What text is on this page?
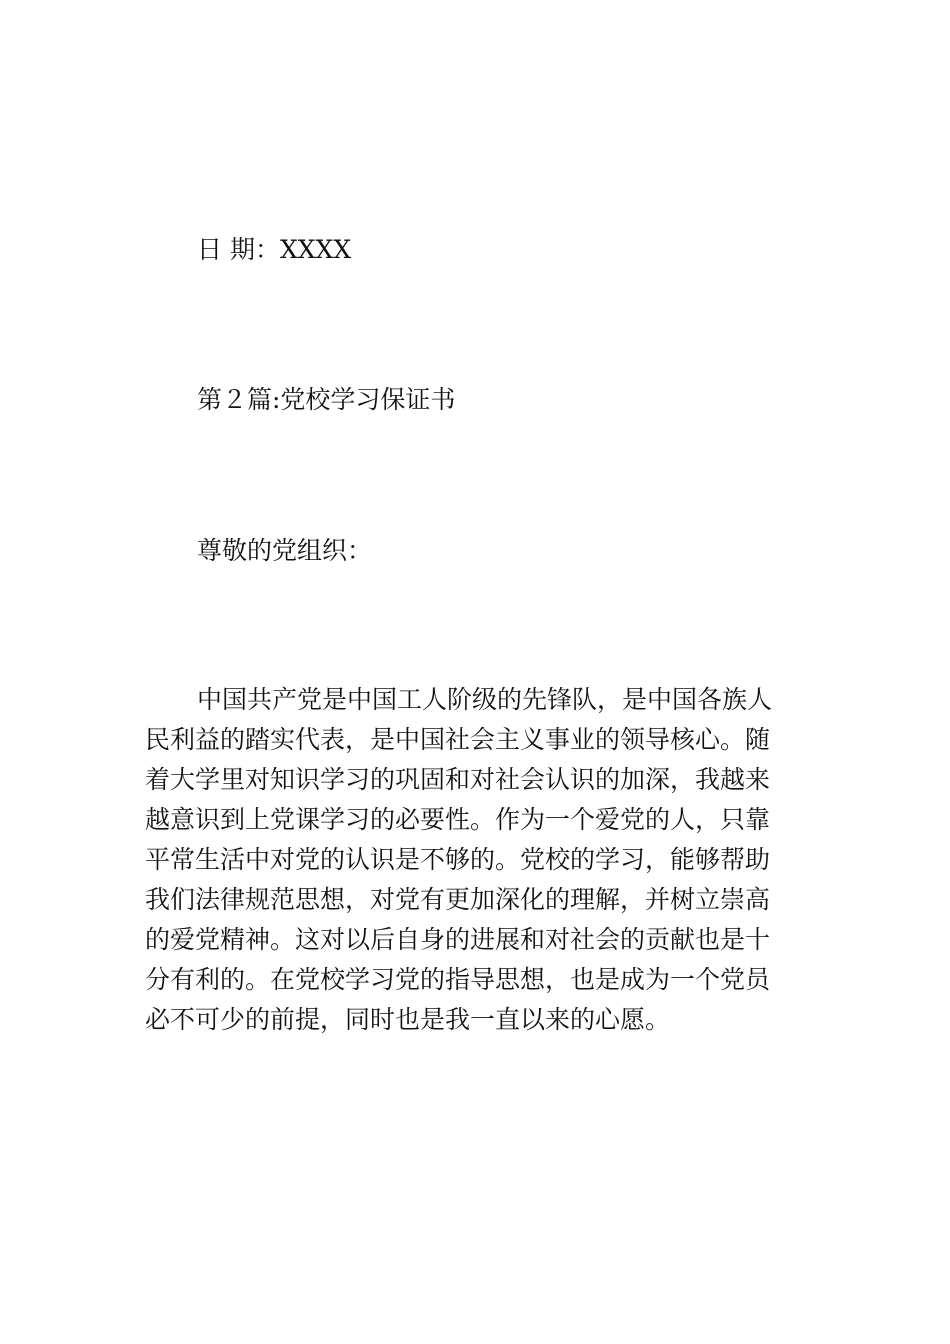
日 期：XXXX
第２篇:党校学习保证书
尊敬的党组织：
中国共产党是中国工人阶级的先锋队，是中国各族人
民利益的踏实代表，是中国社会主义事业的领导核心。随
着大学里对知识学习的巩固和对社会认识的加深，我越来
越意识到上党课学习的必要性。作为一个爱党的人，只靠
平常生活中对党的认识是不够的。党校的学习，能够帮助
我们法律规范思想，对党有更加深化的理解，并树立崇高
的爱党精神。这对以后自身的进展和对社会的贡献也是十
分有利的。在党校学习党的指导思想，也是成为一个党员
必不可少的前提，同时也是我一直以来的心愿。
